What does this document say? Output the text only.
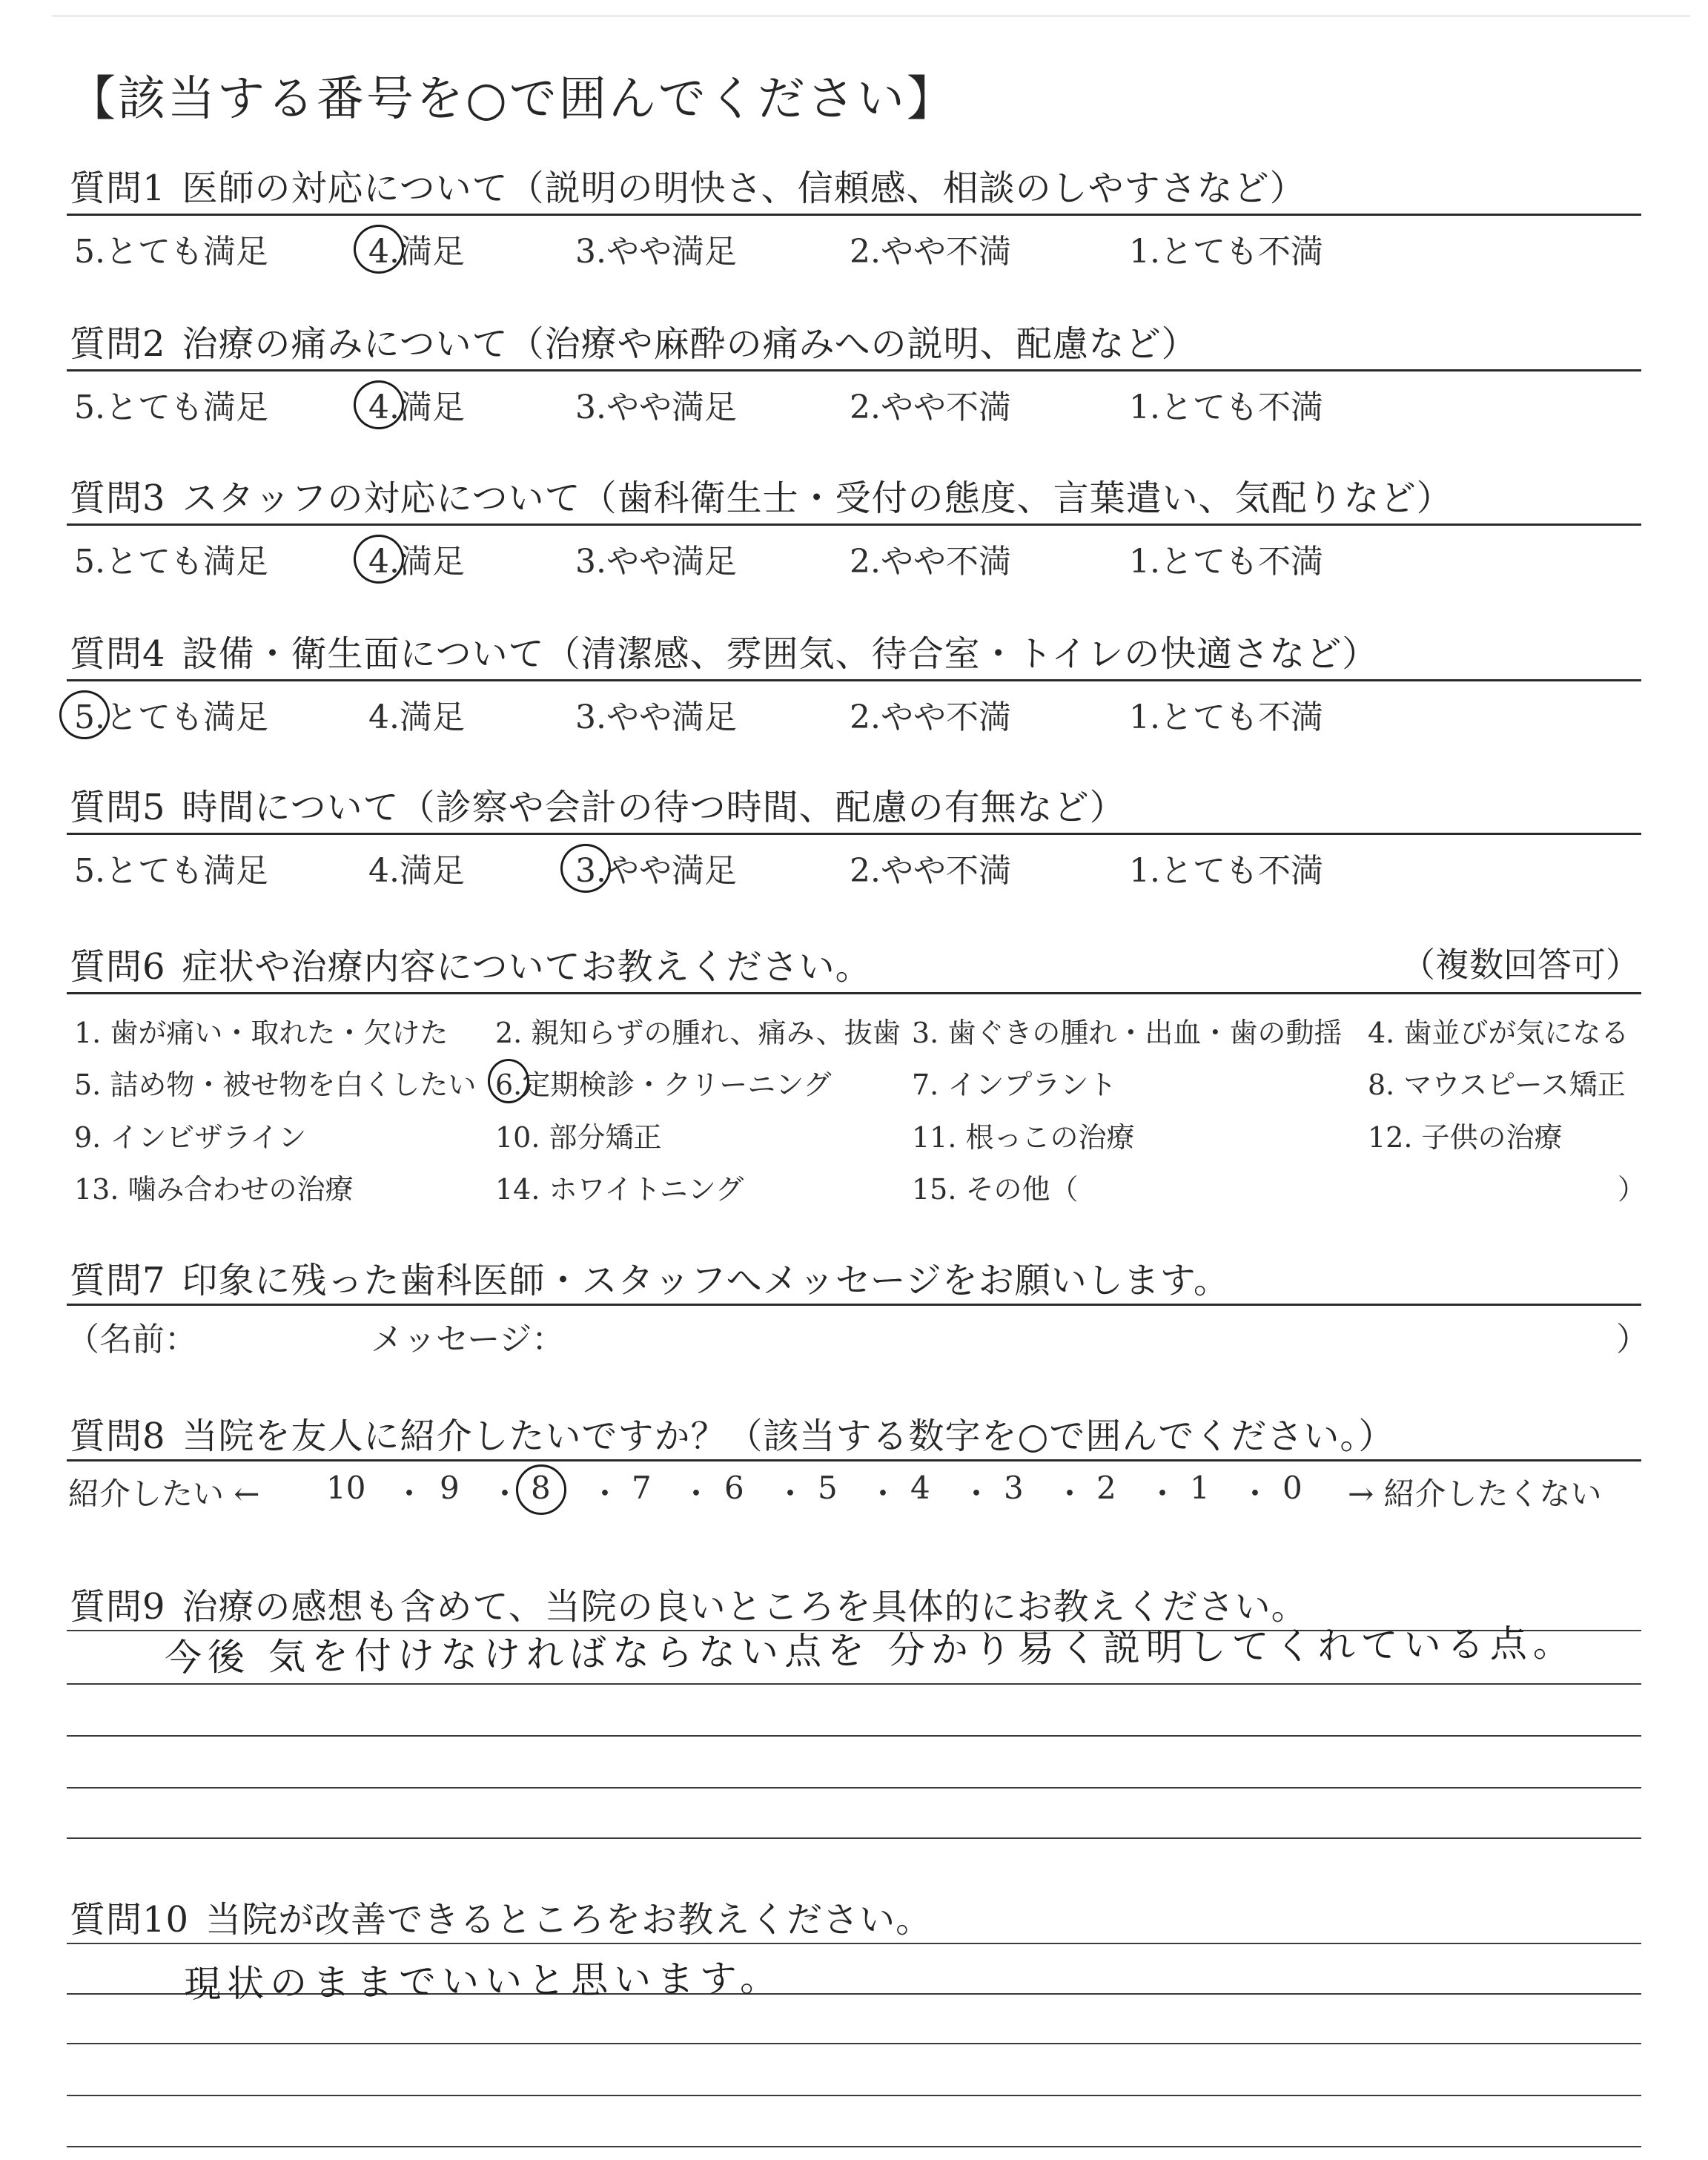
【該当する番号を○で囲んでください】
質問1 医師の対応について（説明の明快さ、信頼感、相談のしやすさなど）
5.とても満足	4.満足	3.やや満足	2.やや不満	1.とても不満
質問2 治療の痛みについて（治療や麻酔の痛みへの説明、配慮など）
5.とても満足	4.満足	3.やや満足	2.やや不満	1.とても不満
質問3 スタッフの対応について（歯科衛生士・受付の態度、言葉遣い、気配りなど）
5.とても満足	4.満足	3.やや満足	2.やや不満	1.とても不満
質問4 設備・衛生面について（清潔感、雰囲気、待合室・トイレの快適さなど）
5.とても満足	4.満足	3.やや満足	2.やや不満	1.とても不満
質問5 時間について（診察や会計の待つ時間、配慮の有無など）
5.とても満足	4.満足	3.やや満足	2.やや不満	1.とても不満
質問6 症状や治療内容についてお教えください。	（複数回答可）
1. 歯が痛い・取れた・欠けた 2. 親知らずの腫れ、痛み、抜歯 3. 歯ぐきの腫れ・出血・歯の動揺 4. 歯並びが気になる
5. 詰め物・被せ物を白くしたい 6.定期検診・クリーニング	7. インプラント	8. マウスピース矯正
9. インビザライン	10. 部分矯正	11. 根っこの治療	12. 子供の治療
13. 噛み合わせの治療	14. ホワイトニング	15. その他（	）
質問7 印象に残った歯科医師・スタッフへメッセージをお願いします。
（名前：	メッセージ：	）
質問8 当院を友人に紹介したいですか？（該当する数字を○で囲んでください。）
紹介したい ←	→ 紹介したくない
10 9 8	7 6 5 4 3 2 1 0
・ ・ ・ ・ ・ ・ ・ ・ ・ ・
質問9 治療の感想も含めて、当院の良いところを具体的にお教えください。
今後 気を付けなければならない点を 分かり易く説明してくれている点。
質問10 当院が改善できるところをお教えください。
現状のままでいいと思います。
